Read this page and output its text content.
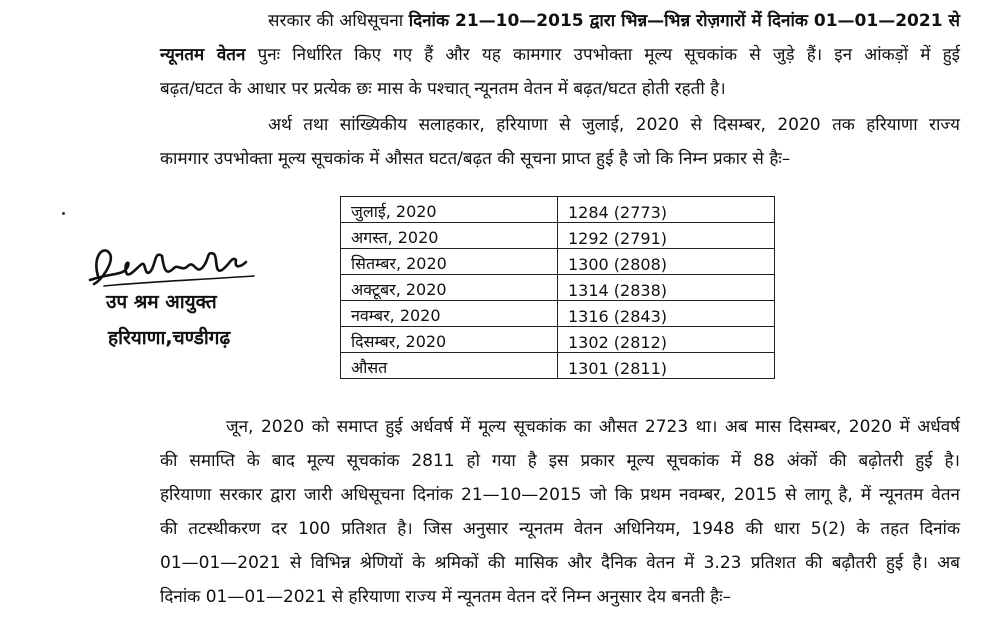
सरकार की अधिसूचना दिनांक 21—10—2015 द्वारा भिन्न—भिन्न रोज़गारों में दिनांक 01—01—2021 से
न्यूनतम वेतन पुनः निर्धारित किए गए हैं और यह कामगार उपभोक्ता मूल्य सूचकांक से जुड़े हैं। इन आंकड़ों में हुई
बढ़त/घटत के आधार पर प्रत्येक छः मास के पश्चात् न्यूनतम वेतन में बढ़त/घटत होती रहती है।
अर्थ तथा सांख्यिकीय सलाहकार, हरियाणा से जुलाई, 2020 से दिसम्बर, 2020 तक हरियाणा राज्य
कामगार उपभोक्ता मूल्य सूचकांक में औसत घटत/बढ़त की सूचना प्राप्त हुई है जो कि निम्न प्रकार से हैः–
जुलाई, 2020	1284 (2773)
अगस्त, 2020	1292 (2791)
सितम्बर, 2020	1300 (2808)
अक्टूबर, 2020	1314 (2838)
नवम्बर, 2020	1316 (2843)
दिसम्बर, 2020	1302 (2812)
औसत	1301 (2811)
उप श्रम आयुक्त
हरियाणा,चण्डीगढ़
जून, 2020 को समाप्त हुई अर्धवर्ष में मूल्य सूचकांक का औसत 2723 था। अब मास दिसम्बर, 2020 में अर्धवर्ष
की समाप्ति के बाद मूल्य सूचकांक 2811 हो गया है इस प्रकार मूल्य सूचकांक में 88 अंकों की बढ़ोतरी हुई है।
हरियाणा सरकार द्वारा जारी अधिसूचना दिनांक 21—10—2015 जो कि प्रथम नवम्बर, 2015 से लागू है, में न्यूनतम वेतन
की तटस्थीकरण दर 100 प्रतिशत है। जिस अनुसार न्यूनतम वेतन अधिनियम, 1948 की धारा 5(2) के तहत दिनांक
01—01—2021 से विभिन्न श्रेणियों के श्रमिकों की मासिक और दैनिक वेतन में 3.23 प्रतिशत की बढ़ौतरी हुई है। अब
दिनांक 01—01—2021 से हरियाणा राज्य में न्यूनतम वेतन दरें निम्न अनुसार देय बनती हैः–
